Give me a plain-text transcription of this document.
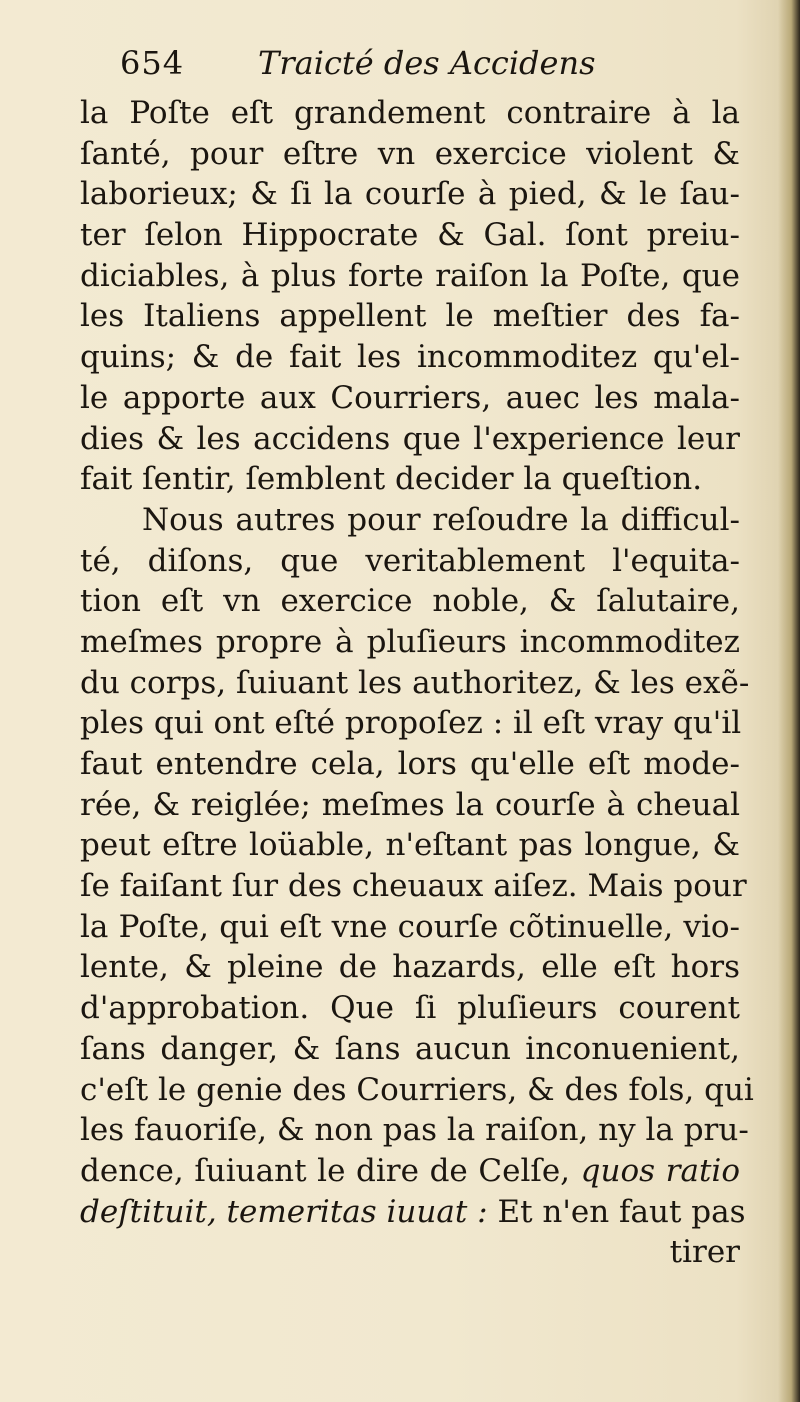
654 Traicté des Accidens
la Poſte eſt grandement contraire à la
ſanté, pour eſtre vn exercice violent &
laborieux; & ſi la courſe à pied, & le ſau-
ter ſelon Hippocrate & Gal. ſont preiu-
diciables, à plus forte raiſon la Poſte, que
les Italiens appellent le meſtier des fa-
quins; & de fait les incommoditez qu'el-
le apporte aux Courriers, auec les mala-
dies & les accidens que l'experience leur
fait ſentir, ſemblent decider la queſtion.
Nous autres pour reſoudre la difficul-
té, diſons, que veritablement l'equita-
tion eſt vn exercice noble, & ſalutaire,
meſmes propre à pluſieurs incommoditez
du corps, ſuiuant les authoritez, & les exẽ-
ples qui ont eſté propoſez : il eſt vray qu'il
faut entendre cela, lors qu'elle eſt mode-
rée, & reiglée; meſmes la courſe à cheual
peut eſtre loüable, n'eſtant pas longue, &
ſe faiſant ſur des cheuaux aiſez. Mais pour
la Poſte, qui eſt vne courſe cõtinuelle, vio-
lente, & pleine de hazards, elle eſt hors
d'approbation. Que ſi pluſieurs courent
ſans danger, & ſans aucun inconuenient,
c'eſt le genie des Courriers, & des fols, qui
les fauoriſe, & non pas la raiſon, ny la pru-
dence, ſuiuant le dire de Celſe, quos ratio
deſtituit, temeritas iuuat : Et n'en faut pas
tirer
